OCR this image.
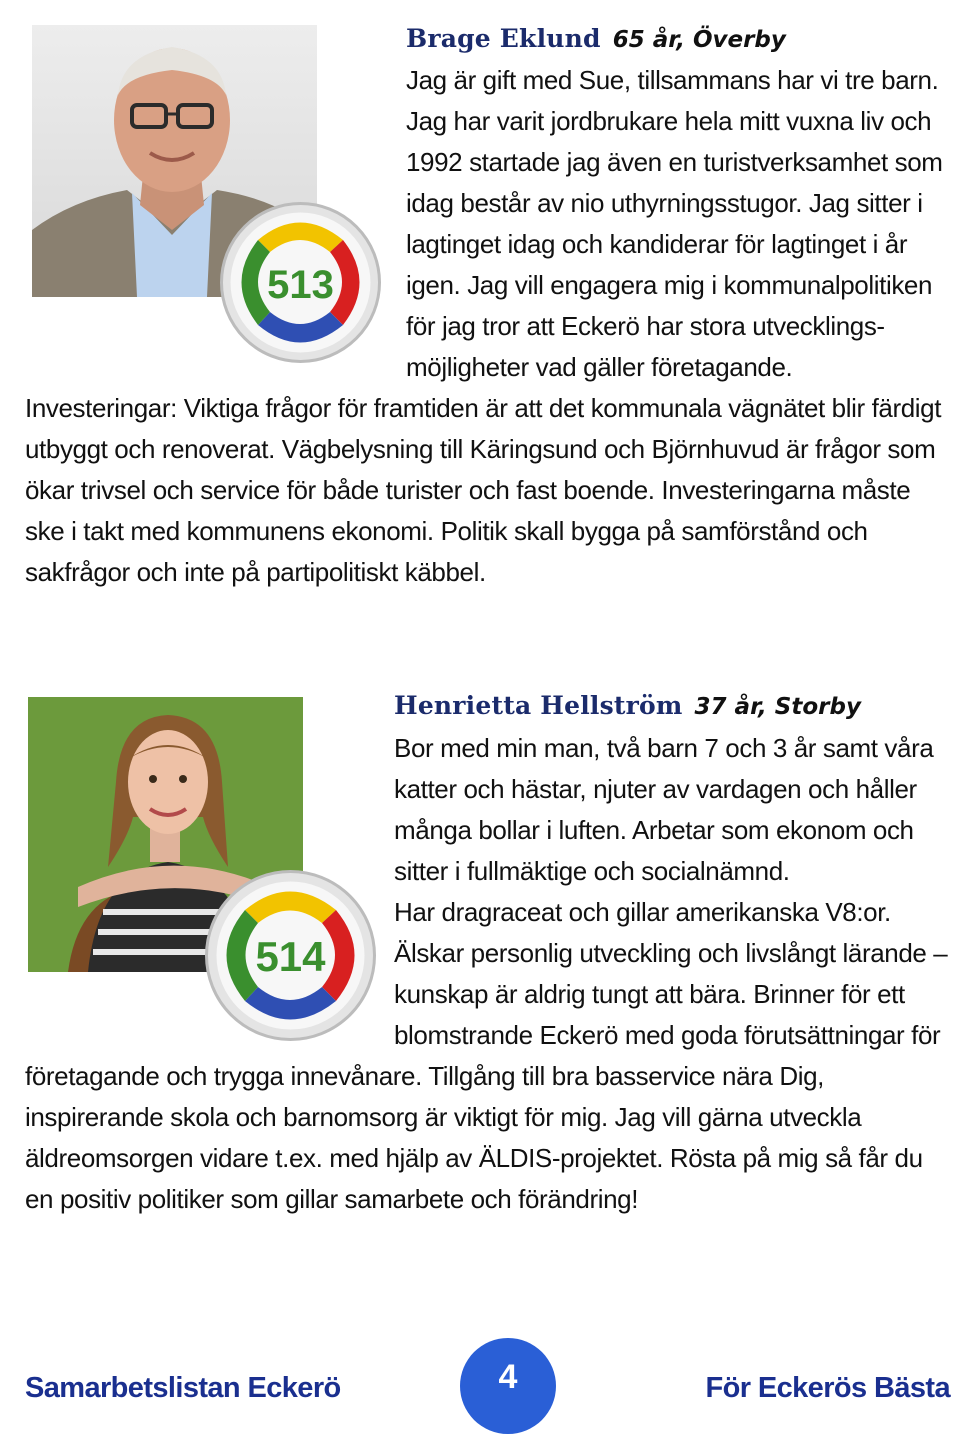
513
Brage Eklund 65 år, Överby
Jag är gift med Sue, tillsammans har vi tre barn.
Jag har varit jordbrukare hela mitt vuxna liv och
1992 startade jag även en turistverksamhet som
idag består av nio uthyrningsstugor. Jag sitter i
lagtinget idag och kandiderar för lagtinget i år
igen. Jag vill engagera mig i kommunalpolitiken
för jag tror att Eckerö har stora utvecklings-
möjligheter vad gäller företagande.
Investeringar: Viktiga frågor för framtiden är att det kommunala vägnätet blir färdigt
utbyggt och renoverat. Vägbelysning till Käringsund och Björnhuvud är frågor som
ökar trivsel och service för både turister och fast boende. Investeringarna måste
ske i takt med kommunens ekonomi. Politik skall bygga på samförstånd och
sakfrågor och inte på partipolitiskt käbbel.
514
Henrietta Hellström 37 år, Storby
Bor med min man, två barn 7 och 3 år samt våra
katter och hästar, njuter av vardagen och håller
många bollar i luften. Arbetar som ekonom och
sitter i fullmäktige och socialnämnd.
Har dragraceat och gillar amerikanska V8:or.
Älskar personlig utveckling och livslångt lärande –
kunskap är aldrig tungt att bära. Brinner för ett
blomstrande Eckerö med goda förutsättningar för
företagande och trygga innevånare. Tillgång till bra basservice nära Dig,
inspirerande skola och barnomsorg är viktigt för mig. Jag vill gärna utveckla
äldreomsorgen vidare t.ex. med hjälp av ÄLDIS-projektet. Rösta på mig så får du
en positiv politiker som gillar samarbete och förändring!
Samarbetslistan Eckerö	4	För Eckerös Bästa
